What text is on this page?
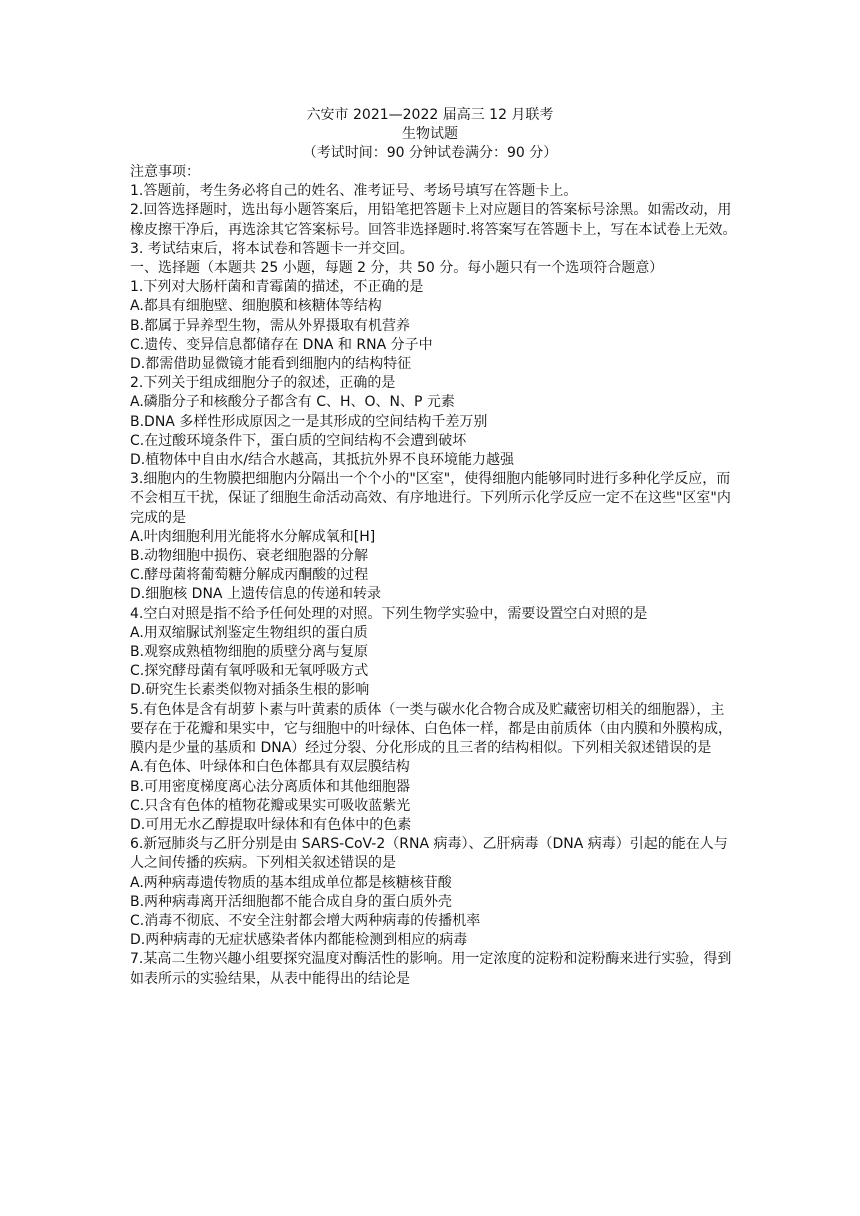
六安市 2021—2022 届高三 12 月联考
生物试题
（考试时间：90 分钟试卷满分：90 分）

注意事项：

1.答题前，考生务必将自己的姓名、准考证号、考场号填写在答题卡上。

2.回答选择题时，选出每小题答案后，用铅笔把答题卡上对应题目的答案标号涂黑。如需改动，用橡皮擦干净后，再选涂其它答案标号。回答非选择题时.将答案写在答题卡上，写在本试卷上无效。

3. 考试结束后，将本试卷和答题卡一并交回。

一、选择题（本题共 25 小题，每题 2 分，共 50 分。每小题只有一个选项符合题意）

1.下列对大肠杆菌和青霉菌的描述，不正确的是

A.都具有细胞壁、细胞膜和核糖体等结构

B.都属于异养型生物，需从外界摄取有机营养

C.遗传、变异信息都储存在 DNA 和 RNA 分子中

D.都需借助显微镜才能看到细胞内的结构特征

2.下列关于组成细胞分子的叙述，正确的是

A.磷脂分子和核酸分子都含有 C、H、O、N、P 元素

B.DNA 多样性形成原因之一是其形成的空间结构千差万别

C.在过酸环境条件下，蛋白质的空间结构不会遭到破坏

D.植物体中自由水/结合水越高，其抵抗外界不良环境能力越强

3.细胞内的生物膜把细胞内分隔出一个个小的"区室"，使得细胞内能够同时进行多种化学反应，而不会相互干扰，保证了细胞生命活动高效、有序地进行。下列所示化学反应一定不在这些"区室"内完成的是

A.叶肉细胞利用光能将水分解成氧和[H]

B.动物细胞中损伤、衰老细胞器的分解

C.酵母菌将葡萄糖分解成丙酮酸的过程

D.细胞核 DNA 上遗传信息的传递和转录

4.空白对照是指不给予任何处理的对照。下列生物学实验中，需要设置空白对照的是

A.用双缩脲试剂鉴定生物组织的蛋白质

B.观察成熟植物细胞的质壁分离与复原

C.探究酵母菌有氧呼吸和无氧呼吸方式

D.研究生长素类似物对插条生根的影响

5.有色体是含有胡萝卜素与叶黄素的质体（一类与碳水化合物合成及贮藏密切相关的细胞器），主要存在于花瓣和果实中，它与细胞中的叶绿体、白色体一样，都是由前质体（由内膜和外膜构成，膜内是少量的基质和 DNA）经过分裂、分化形成的且三者的结构相似。下列相关叙述错误的是

A.有色体、叶绿体和白色体都具有双层膜结构

B.可用密度梯度离心法分离质体和其他细胞器

C.只含有色体的植物花瓣或果实可吸收蓝紫光

D.可用无水乙醇提取叶绿体和有色体中的色素

6.新冠肺炎与乙肝分别是由 SARS-CoV-2（RNA 病毒）、乙肝病毒（DNA 病毒）引起的能在人与人之间传播的疾病。下列相关叙述错误的是

A.两种病毒遗传物质的基本组成单位都是核糖核苷酸

B.两种病毒离开活细胞都不能合成自身的蛋白质外壳

C.消毒不彻底、不安全注射都会增大两种病毒的传播机率

D.两种病毒的无症状感染者体内都能检测到相应的病毒

7.某高二生物兴趣小组要探究温度对酶活性的影响。用一定浓度的淀粉和淀粉酶来进行实验，得到如表所示的实验结果，从表中能得出的结论是
